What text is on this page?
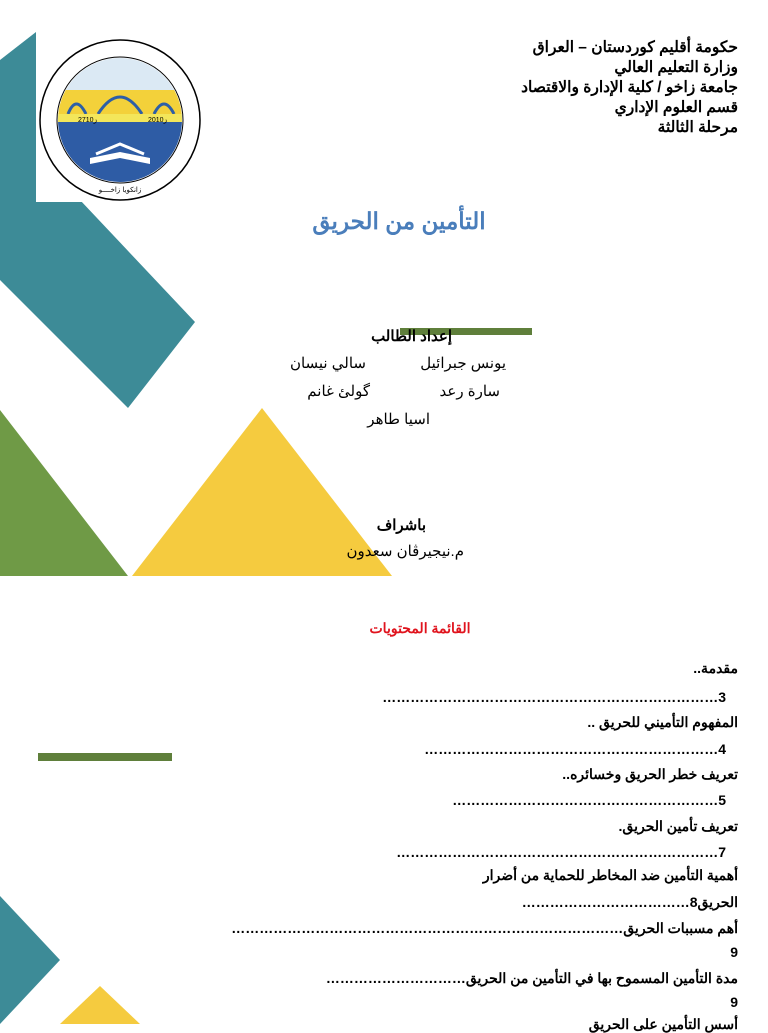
2710ز	2010ز
زانكويا زاخــــو
حكومة أقليم كوردستان – العراق
وزارة التعليم العالي
جامعة زاخو / كلية الإدارة والاقتصاد
قسم العلوم الإداري
مرحلة الثالثة
التأمين من الحريق
إعداد الطالب
يونس جبرائيل
سالي نيسان
سارة رعد
گولئ غانم
اسيا طاهر
باشراف
م.نيجيرڤان سعدون
القائمة المحتويات
مقدمة..
3………………………………………………………………
المفهوم التأميني للحريق ..
4………………………………………………………
تعريف خطر الحريق وخسائره..
5…………………………………………………
تعريف تأمين الحريق.
7……………………………………………………………
أهمية التأمين ضد المخاطر للحماية من أضرار
الحريق8………………………………
أهم مسببات الحريق…………………………………………………………………………
9
مدة التأمين المسموح بها في التأمين من الحريق…………………………
9
أسس التأمين على الحريق
